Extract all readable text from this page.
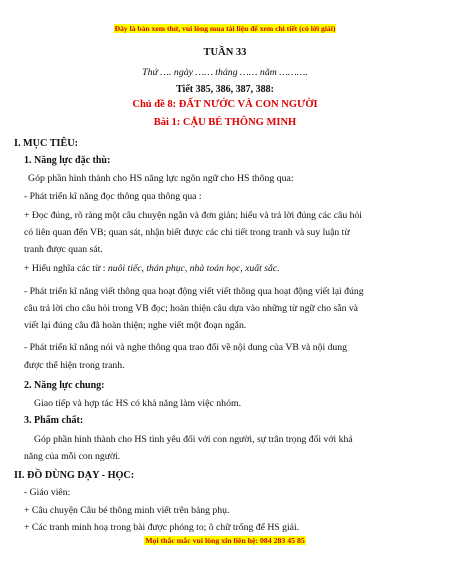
Đây là bản xem thử, vui lòng mua tài liệu để xem chi tiết (có lời giải)
TUẦN 33
Thứ …. ngày …… tháng …… năm ……….
Tiết 385, 386, 387, 388:
Chủ đề 8: ĐẤT NƯỚC VÀ CON NGƯỜI
Bài 1: CẬU BÉ THÔNG MINH
I. MỤC TIÊU:
1. Năng lực đặc thù:
Góp phần hình thành cho HS năng lực ngôn ngữ cho HS thông qua:
- Phát triển kĩ năng đọc thông qua thông qua :
+ Đọc đúng, rõ ràng một câu chuyện ngắn và đơn giản; hiểu và trả lời đúng các câu hỏi
có liên quan đến VB; quan sát, nhận biết được các chi tiết trong tranh và suy luận từ
tranh được quan sát.
+ Hiểu nghĩa các từ : nuôi tiếc, thán phục, nhà toán học, xuất sắc.
- Phát triển kĩ năng viết thông qua hoạt động viết viết thông qua hoạt động viết lại đúng
câu trả lời cho câu hỏi trong VB đọc; hoàn thiện câu dựa vào những từ ngữ cho sẵn và
viết lại đúng câu đã hoàn thiện; nghe viết một đoạn ngắn.
- Phát triển kĩ năng nói và nghe thông qua trao đổi về nội dung của VB và nội dung
được thể hiện trong tranh.
2. Năng lực chung:
Giao tiếp và hợp tác HS có khả năng làm việc nhóm.
3. Phẩm chất:
Góp phần hình thành cho HS tình yêu đối với con người, sự trân trọng đối với khả
năng của mỗi con người.
II. ĐỒ DÙNG DẠY - HỌC:
- Giáo viên:
+ Câu chuyện Câu bé thông minh viết trên bảng phụ.
+ Các tranh minh hoạ trong bài được phóng to; ô chữ trống để HS giải.
Mọi thắc mắc vui lòng xin liên hệ: 084 283 45 85
